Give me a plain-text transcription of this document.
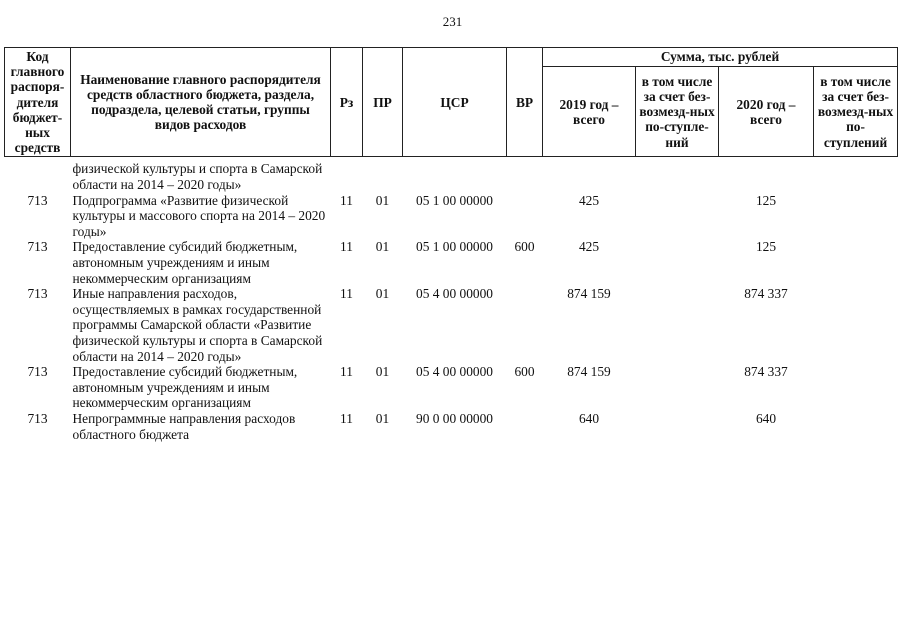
231
Код главного распоря-дителя бюджет-ных средств	Наименование главного распорядителя средств областного бюджета, раздела, подраздела, целевой статьи, группы видов расходов	Рз	ПР	ЦСР	ВР	Сумма, тыс. рублей			
						2019 год – всего	в том числе за счет без-возмезд-ных по-ступле-ний	2020 год – всего	в том числе за счет без-возмезд-ных по-ступлений

	физической культуры и спорта в Самарской области на 2014 – 2020 годы»								
713	Подпрограмма «Развитие физической культуры и массового спорта на 2014 – 2020 годы»	11	01	05 1 00 00000		425		125	
713	Предоставление субсидий бюджетным, автономным учреждениям и иным некоммерческим организациям	11	01	05 1 00 00000	600	425		125	
713	Иные направления расходов, осуществляемых в рамках государственной программы Самарской области «Развитие физической культуры и спорта в Самарской области на 2014 – 2020 годы»	11	01	05 4 00 00000		874 159		874 337	
713	Предоставление субсидий бюджетным, автономным учреждениям и иным некоммерческим организациям	11	01	05 4 00 00000	600	874 159		874 337	
713	Непрограммные направления расходов областного бюджета	11	01	90 0 00 00000		640		640	
